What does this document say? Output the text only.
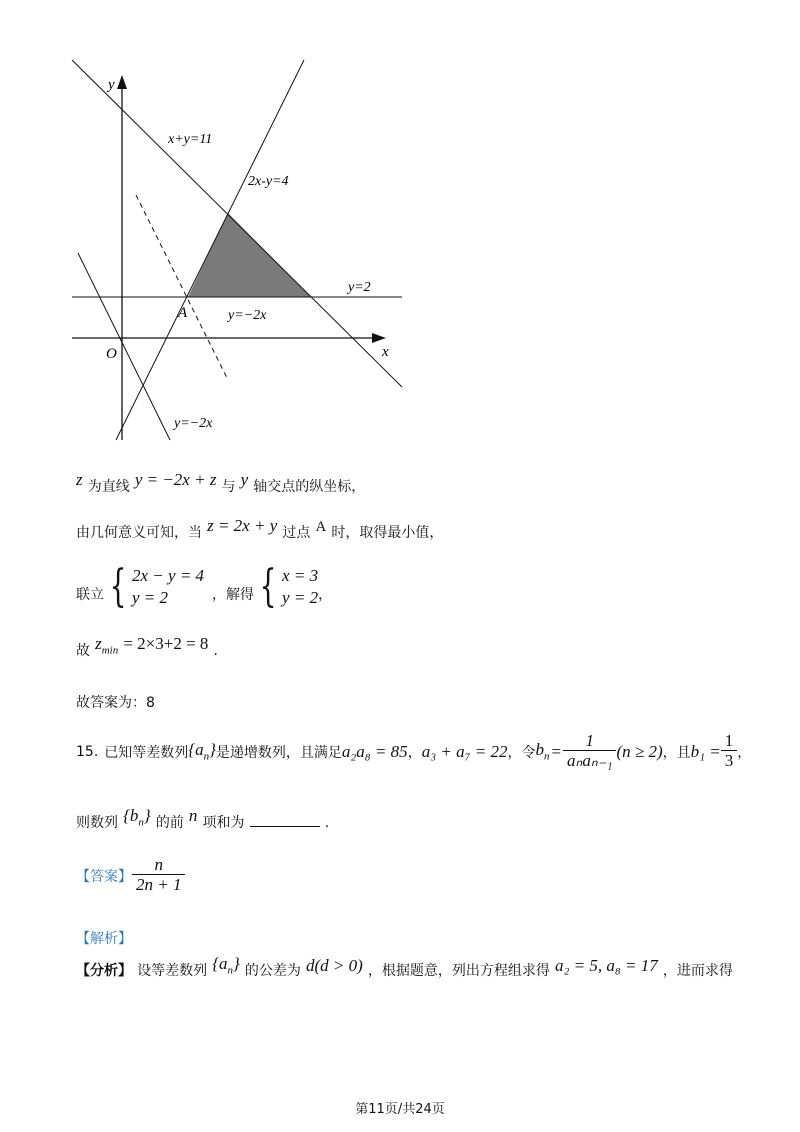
y
x
O
A
x+y=11
2x-y=4
y=2
y=−2x
y=−2x
z 为直线 y = −2x + z 与 y 轴交点的纵坐标，
由几何意义可知，当 z = 2x + y 过点 A 时，取得最小值，
联立 { 2x − y = 4
y = 2	，解得 { x = 3
y = 2 ，
故 $z_{min} = 2\times 3+2 = 8$ .
故答案为：8
15. 已知等差数列 $\{a_n\}$ 是递增数列，且满足 a₂a₈ = 85 ， a₃ + a₇ = 22 ，令 $b_n = \frac{1}{\text{aₙaₙ₋₁}} (n \ge 2)$ ，且 $b_1 = \frac{1}{3}$ ，
则数列 $\{b_n\}$ 的前 n 项和为	.
【答案】 $\frac{n}{2n + 1}$
【解析】
【分析】 设等差数列 $\{a_n\}$ 的公差为 d(d > 0) ，根据题意，列出方程组求得 a₂ = 5, a₈ = 17 ，进而求得
第11页/共24页
